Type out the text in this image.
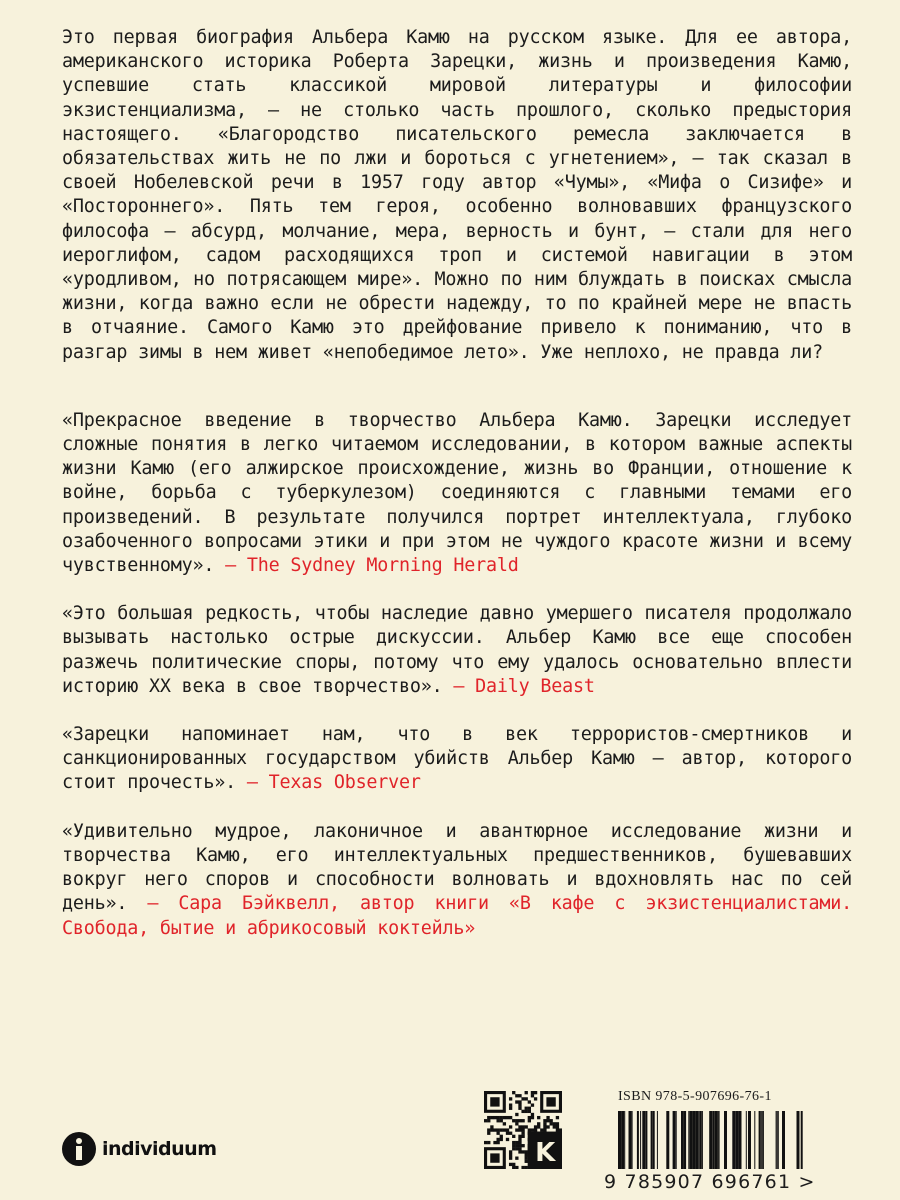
Это первая биография Альбера Камю на русском языке. Для ее автора, американского историка Роберта Зарецки, жизнь и произведения Камю, успевшие стать классикой мировой литературы и философии экзистенциализма, — не столько часть прошлого, сколько предыстория настоящего. «Благородство писательского ремесла заключается в обязательствах жить не по лжи и бороться с угнетением», — так сказал в своей Нобелевской речи в 1957 году автор «Чумы», «Мифа о Сизифе» и «Постороннего». Пять тем героя, особенно волновавших французского философа — абсурд, молчание, мера, верность и бунт, — стали для него иероглифом, садом расходящихся троп и системой навигации в этом «уродливом, но потрясающем мире». Можно по ним блуждать в поисках смысла жизни, когда важно если не обрести надежду, то по крайней мере не впасть в отчаяние. Самого Камю это дрейфование привело к пониманию, что в разгар зимы в нем живет «непобедимое лето». Уже неплохо, не правда ли?

«Прекрасное введение в творчество Альбера Камю. Зарецки исследует сложные понятия в легко читаемом исследовании, в котором важные аспекты жизни Камю (его алжирское происхождение, жизнь во Франции, отношение к войне, борьба с туберкулезом) соединяются с главными темами его произведений. В результате получился портрет интеллектуала, глубоко озабоченного вопросами этики и при этом не чуждого красоте жизни и всему чувственному». — The Sydney Morning Herald

«Это большая редкость, чтобы наследие давно умершего писателя продолжало вызывать настолько острые дискуссии. Альбер Камю все еще способен разжечь политические споры, потому что ему удалось основательно вплести историю XX века в свое творчество». — Daily Beast

«Зарецки напоминает нам, что в век террористов-смертников и санкционированных государством убийств Альбер Камю — автор, которого стоит прочесть». — Texas Observer

«Удивительно мудрое, лаконичное и авантюрное исследование жизни и творчества Камю, его интеллектуальных предшественников, бушевавших вокруг него споров и способности волновать и вдохновлять нас по сей день». — Сара Бэйквелл, автор книги «В кафе с экзистенциалистами. Свобода, бытие и абрикосовый коктейль»

individuum	K
ISBN 978-5-907696-76-1
9 785907 696761 >
